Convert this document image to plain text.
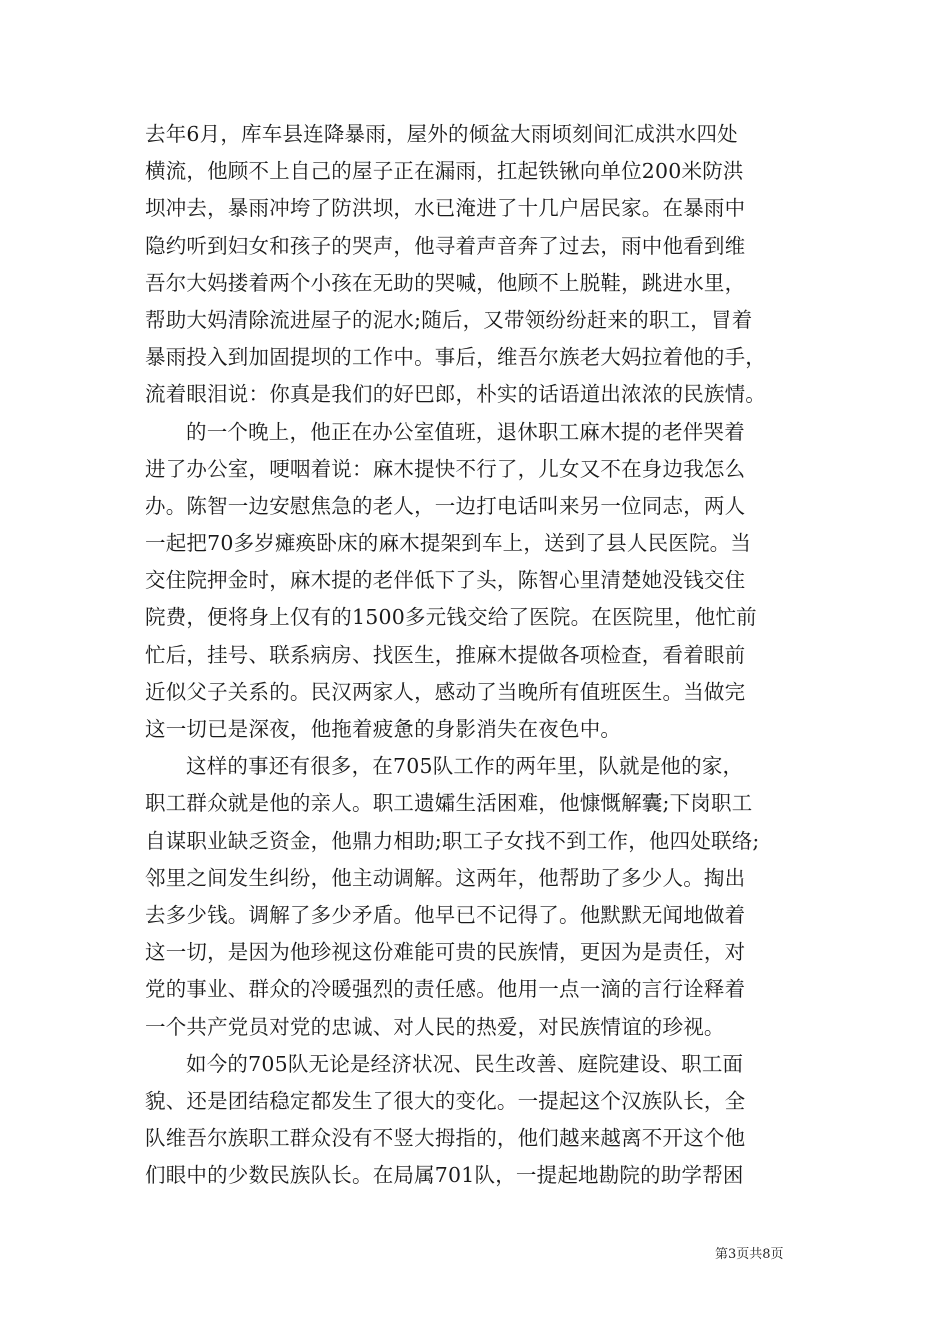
去年6月，库车县连降暴雨，屋外的倾盆大雨顷刻间汇成洪水四处
横流，他顾不上自己的屋子正在漏雨，扛起铁锹向单位200米防洪
坝冲去，暴雨冲垮了防洪坝，水已淹进了十几户居民家。在暴雨中
隐约听到妇女和孩子的哭声，他寻着声音奔了过去，雨中他看到维
吾尔大妈搂着两个小孩在无助的哭喊，他顾不上脱鞋，跳进水里，
帮助大妈清除流进屋子的泥水;随后，又带领纷纷赶来的职工，冒着
暴雨投入到加固提坝的工作中。事后，维吾尔族老大妈拉着他的手，
流着眼泪说：你真是我们的好巴郎，朴实的话语道出浓浓的民族情。
的一个晚上，他正在办公室值班，退休职工麻木提的老伴哭着
进了办公室，哽咽着说：麻木提快不行了，儿女又不在身边我怎么
办。陈智一边安慰焦急的老人，一边打电话叫来另一位同志，两人
一起把70多岁瘫痪卧床的麻木提架到车上，送到了县人民医院。当
交住院押金时，麻木提的老伴低下了头，陈智心里清楚她没钱交住
院费，便将身上仅有的1500多元钱交给了医院。在医院里，他忙前
忙后，挂号、联系病房、找医生，推麻木提做各项检查，看着眼前
近似父子关系的。民汉两家人，感动了当晚所有值班医生。当做完
这一切已是深夜，他拖着疲惫的身影消失在夜色中。
这样的事还有很多，在705队工作的两年里，队就是他的家，
职工群众就是他的亲人。职工遗孀生活困难，他慷慨解囊;下岗职工
自谋职业缺乏资金，他鼎力相助;职工子女找不到工作，他四处联络;
邻里之间发生纠纷，他主动调解。这两年，他帮助了多少人。掏出
去多少钱。调解了多少矛盾。他早已不记得了。他默默无闻地做着
这一切，是因为他珍视这份难能可贵的民族情，更因为是责任，对
党的事业、群众的冷暖强烈的责任感。他用一点一滴的言行诠释着
一个共产党员对党的忠诚、对人民的热爱，对民族情谊的珍视。
如今的705队无论是经济状况、民生改善、庭院建设、职工面
貌、还是团结稳定都发生了很大的变化。一提起这个汉族队长，全
队维吾尔族职工群众没有不竖大拇指的，他们越来越离不开这个他
们眼中的少数民族队长。在局属701队，一提起地勘院的助学帮困
第3页共8页
